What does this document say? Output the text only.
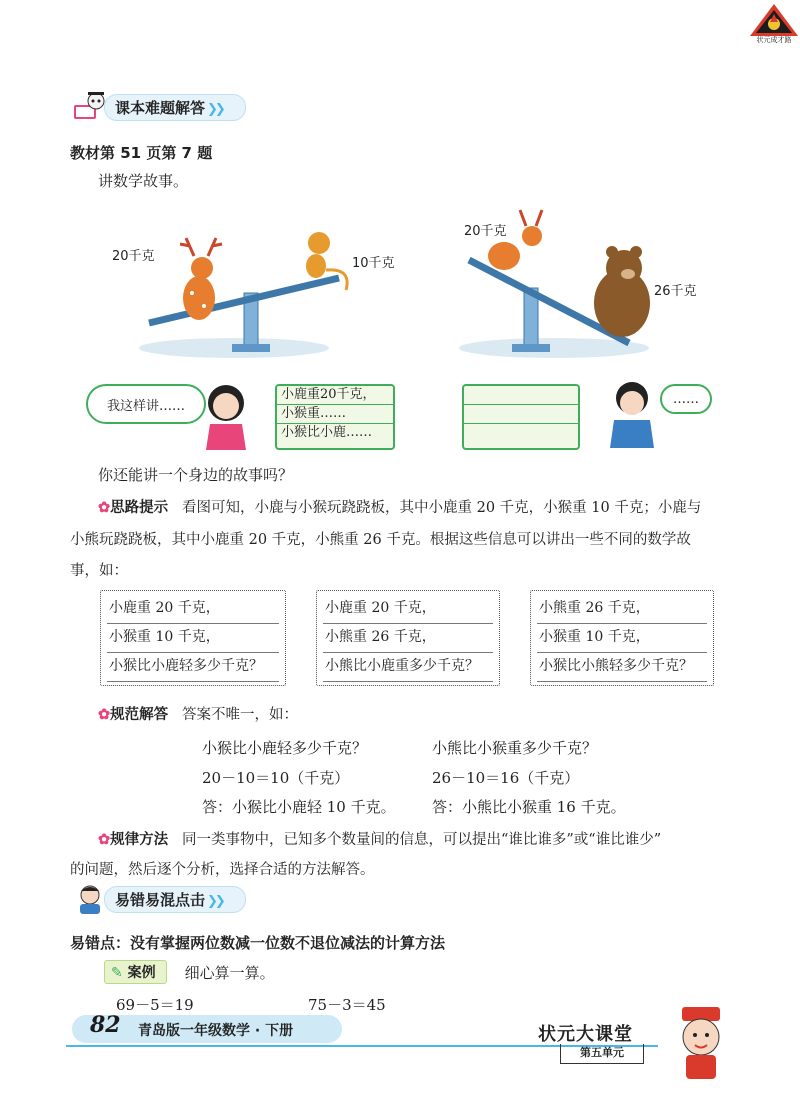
状元成才路
课本难题解答 ❯❯
教材第 51 页第 7 题
讲数学故事。
20千克	10千克
20千克
26千克
我这样讲……
小鹿重20千克，
小猴重……
小猴比小鹿……
……
你还能讲一个身边的故事吗？
✿思路提示 看图可知，小鹿与小猴玩跷跷板，其中小鹿重 20 千克，小猴重 10 千克；小鹿与
小熊玩跷跷板，其中小鹿重 20 千克，小熊重 26 千克。根据这些信息可以讲出一些不同的数学故
事，如：
小鹿重 20 千克，
小猴重 10 千克，
小猴比小鹿轻多少千克？
小鹿重 20 千克，
小熊重 26 千克，
小熊比小鹿重多少千克？
小熊重 26 千克，
小猴重 10 千克，
小猴比小熊轻多少千克？
✿规范解答 答案不唯一，如：
小猴比小鹿轻多少千克？
20－10＝10（千克）
答：小猴比小鹿轻 10 千克。
小熊比小猴重多少千克？
26－10＝16（千克）
答：小熊比小猴重 16 千克。
✿规律方法 同一类事物中，已知多个数量间的信息，可以提出“谁比谁多”或“谁比谁少”
的问题，然后逐个分析，选择合适的方法解答。
易错易混点击 ❯❯
易错点：没有掌握两位数减一位数不退位减法的计算方法
✎ 案例	细心算一算。
69－5＝19	75－3＝45
82 青岛版一年级数学 · 下册	状元大课堂
第五单元
